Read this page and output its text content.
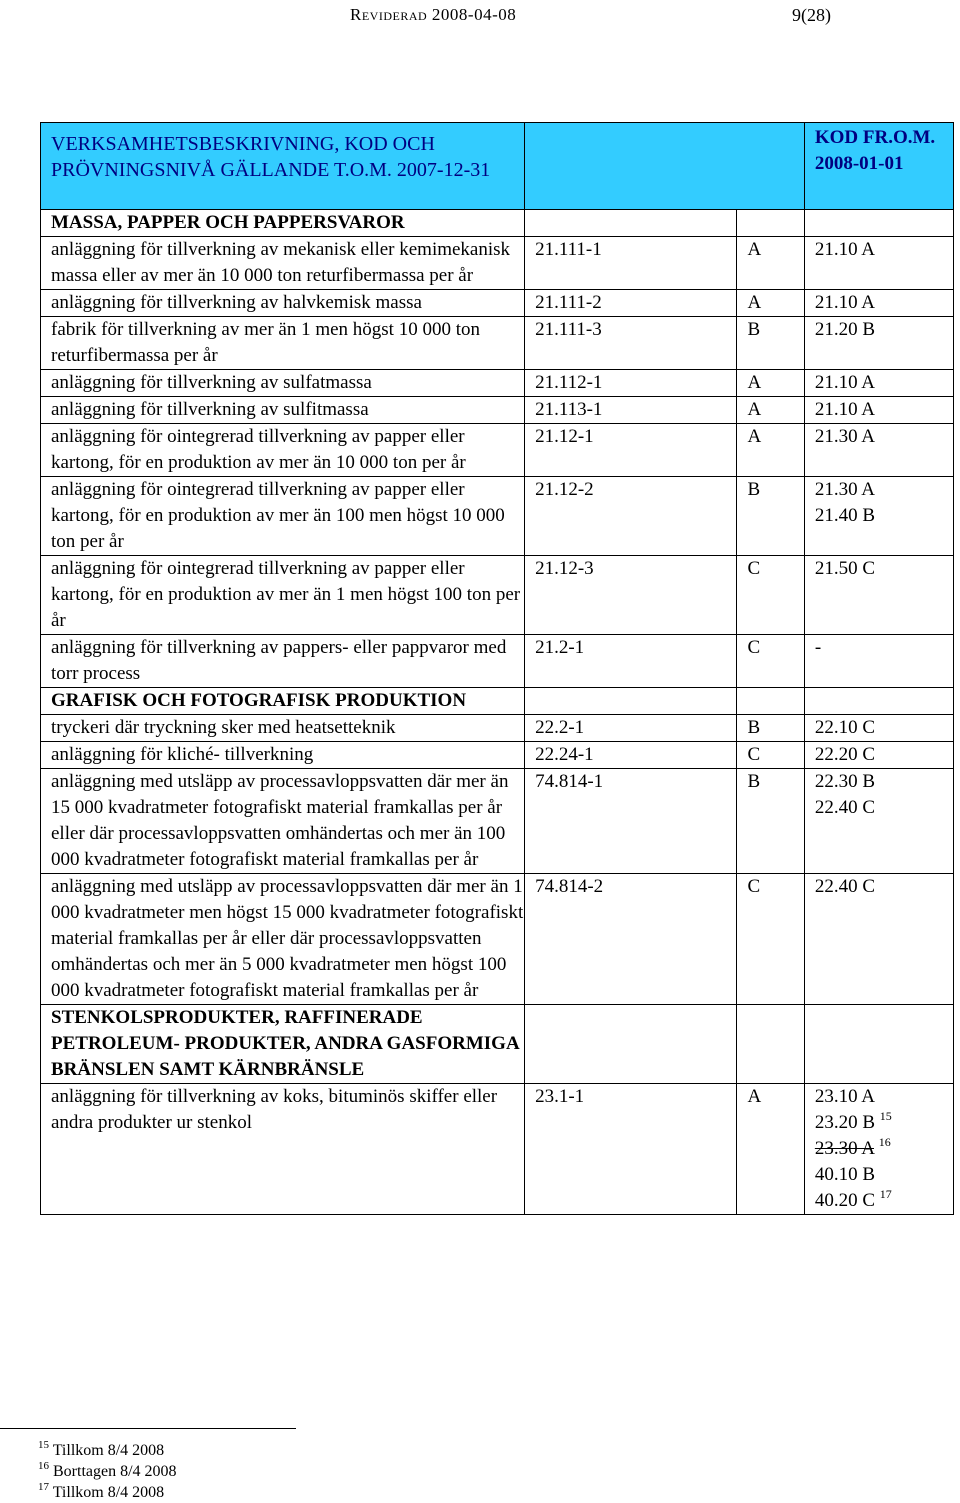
Reviderad 2008-04-08	9(28)
VERKSAMHETSBESKRIVNING, KOD OCH PRÖVNINGSNIVÅ GÄLLANDE T.O.M. 2007-12-31			KOD FR.O.M. 2008-01-01
MASSA, PAPPER OCH PAPPERSVAROR			
anläggning för tillverkning av mekanisk eller kemimekanisk massa eller av mer än 10 000 ton returfibermassa per år	21.111-1	A	21.10 A
anläggning för tillverkning av halvkemisk massa	21.111-2	A	21.10 A
fabrik för tillverkning av mer än 1 men högst 10 000 ton returfibermassa per år	21.111-3	B	21.20 B
anläggning för tillverkning av sulfatmassa	21.112-1	A	21.10 A
anläggning för tillverkning av sulfitmassa	21.113-1	A	21.10 A
anläggning för ointegrerad tillverkning av papper eller kartong, för en produktion av mer än 10 000 ton per år	21.12-1	A	21.30 A
anläggning för ointegrerad tillverkning av papper eller kartong, för en produktion av mer än 100 men högst 10 000 ton per år	21.12-2	B	21.30 A
21.40 B

anläggning för ointegrerad tillverkning av papper eller kartong, för en produktion av mer än 1 men högst 100 ton per år	21.12-3	C	21.50 C
anläggning för tillverkning av pappers- eller pappvaror med torr process	21.2-1	C	-
GRAFISK OCH FOTOGRAFISK PRODUKTION			
tryckeri där tryckning sker med heatsetteknik	22.2-1	B	22.10 C
anläggning för kliché- tillverkning	22.24-1	C	22.20 C
anläggning med utsläpp av processavloppsvatten där mer än 15 000 kvadratmeter fotografiskt material framkallas per år eller där processavloppsvatten omhändertas och mer än 100 000 kvadratmeter fotografiskt material framkallas per år	74.814-1	B	22.30 B
22.40 C

anläggning med utsläpp av processavloppsvatten där mer än 1 000 kvadratmeter men högst 15 000 kvadratmeter fotografiskt material framkallas per år eller där processavloppsvatten omhändertas och mer än 5 000 kvadratmeter men högst 100 000 kvadratmeter fotografiskt material framkallas per år	74.814-2	C	22.40 C
STENKOLSPRODUKTER, RAFFINERADE PETROLEUM- PRODUKTER, ANDRA GASFORMIGA BRÄNSLEN SAMT KÄRNBRÄNSLE			
anläggning för tillverkning av koks, bituminös skiffer eller andra produkter ur stenkol	23.1-1	A	23.10 A
23.20 B $^{15}$
23.30 A $^{16}$
40.10 B
40.20 C $^{17}$
$^{15}$ Tillkom 8/4 2008
$^{16}$ Borttagen 8/4 2008
$^{17}$ Tillkom 8/4 2008
